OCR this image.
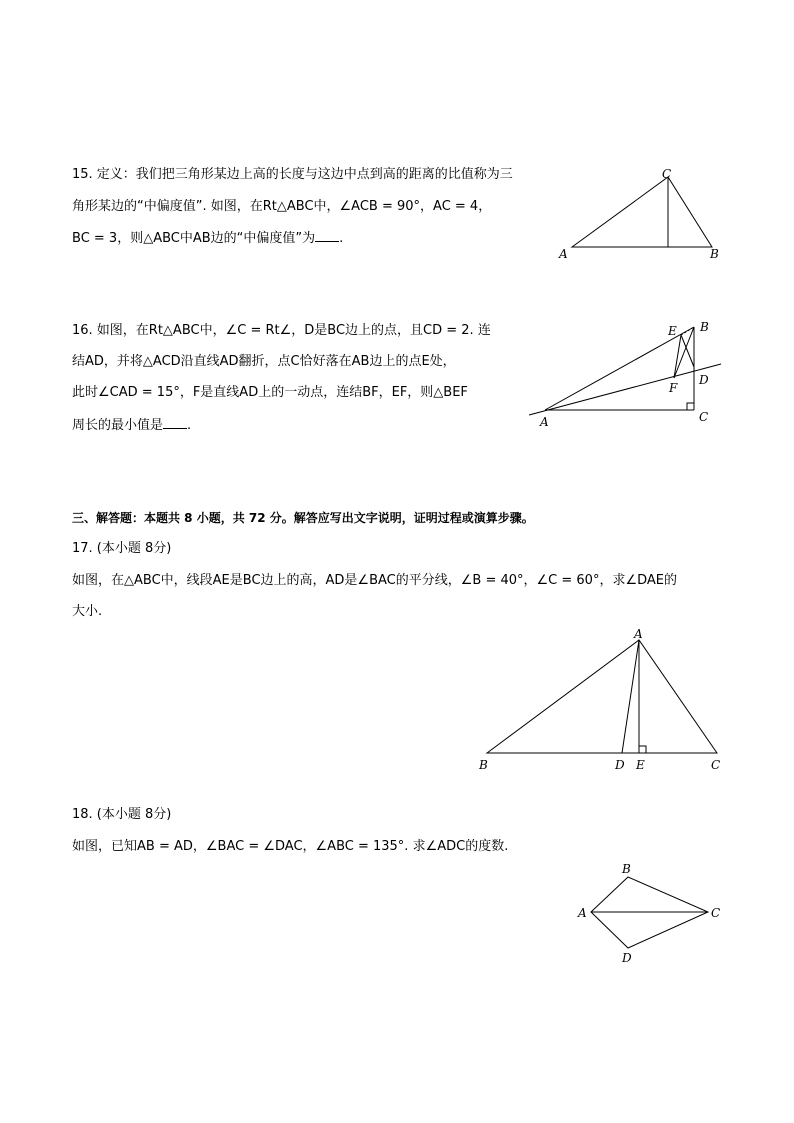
15. 定义：我们把三角形某边上高的长度与这边中点到高的距离的比值称为三
角形某边的“中偏度值”. 如图，在Rt△ABC中，∠ACB = 90°，AC = 4，
BC = 3，则△ABC中AB边的“中偏度值”为 .
C
A	B
16. 如图，在Rt△ABC中，∠C = Rt∠，D是BC边上的点，且CD = 2. 连
结AD，并将△ACD沿直线AD翻折，点C恰好落在AB边上的点E处，
此时∠CAD = 15°，F是直线AD上的一动点，连结BF，EF，则△BEF
周长的最小值是 .
E B
D
F
A	C
三、解答题：本题共 8 小题，共 72 分。解答应写出文字说明，证明过程或演算步骤。
17. (本小题 8分)
如图，在△ABC中，线段AE是BC边上的高，AD是∠BAC的平分线，∠B = 40°，∠C = 60°，求∠DAE的
大小.
A
B	D E	C
18. (本小题 8分)
如图，已知AB = AD，∠BAC = ∠DAC，∠ABC = 135°. 求∠ADC的度数.
B
A	C
D
